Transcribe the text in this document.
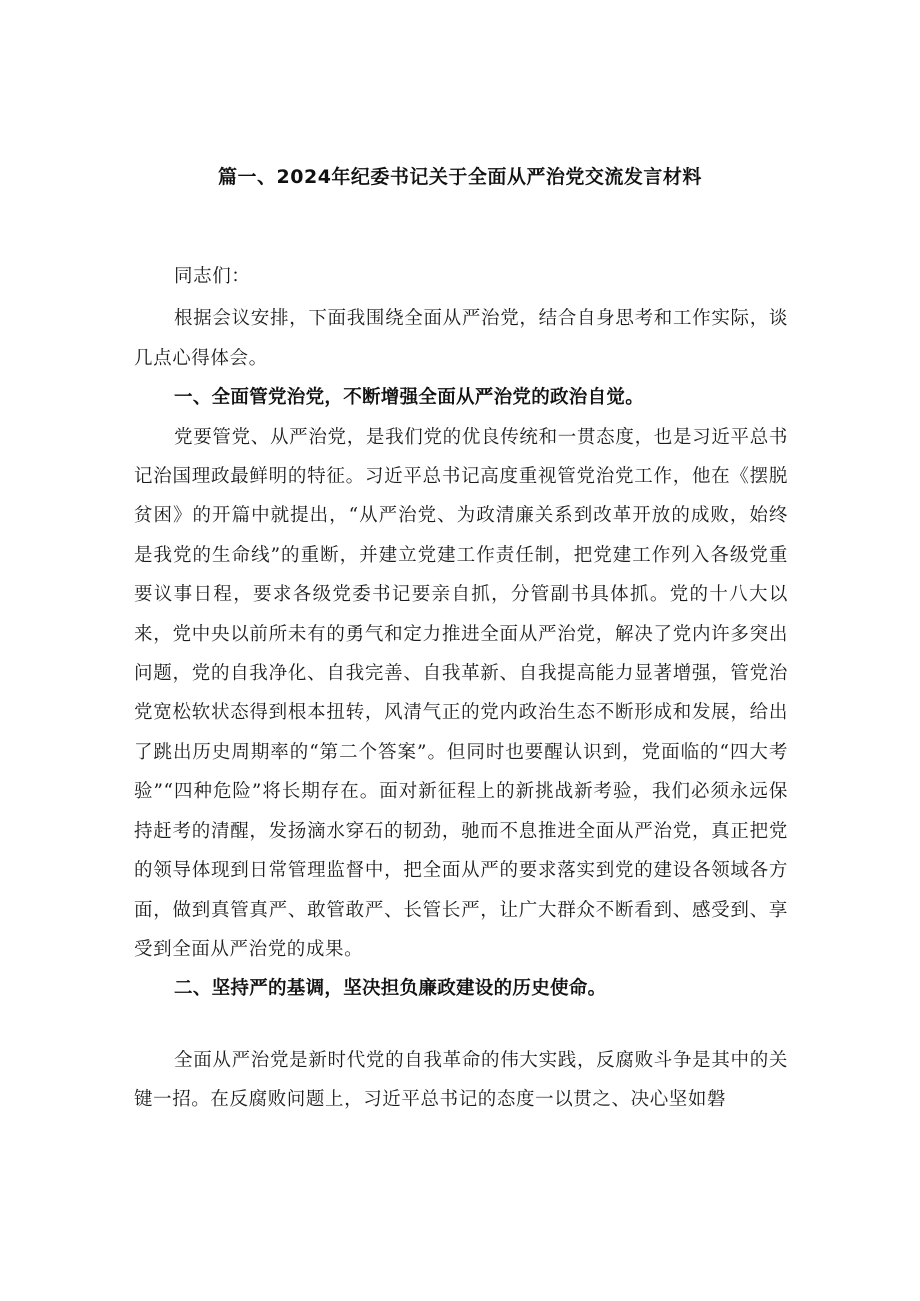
篇一、2024年纪委书记关于全面从严治党交流发言材料

同志们：

根据会议安排，下面我围绕全面从严治党，结合自身思考和工作实际，谈几点心得体会。

一、全面管党治党，不断增强全面从严治党的政治自觉。

党要管党、从严治党，是我们党的优良传统和一贯态度，也是习近平总书记治国理政最鲜明的特征。习近平总书记高度重视管党治党工作，他在《摆脱贫困》的开篇中就提出，“从严治党、为政清廉关系到改革开放的成败，始终是我党的生命线”的重断，并建立党建工作责任制，把党建工作列入各级党重要议事日程，要求各级党委书记要亲自抓，分管副书具体抓。党的十八大以来，党中央以前所未有的勇气和定力推进全面从严治党，解决了党内许多突出问题，党的自我净化、自我完善、自我革新、自我提高能力显著增强，管党治党宽松软状态得到根本扭转，风清气正的党内政治生态不断形成和发展，给出了跳出历史周期率的“第二个答案”。但同时也要醒认识到，党面临的“四大考验”“四种危险”将长期存在。面对新征程上的新挑战新考验，我们必须永远保持赶考的清醒，发扬滴水穿石的韧劲，驰而不息推进全面从严治党，真正把党的领导体现到日常管理监督中，把全面从严的要求落实到党的建设各领域各方面，做到真管真严、敢管敢严、长管长严，让广大群众不断看到、感受到、享受到全面从严治党的成果。

二、坚持严的基调，坚决担负廉政建设的历史使命。

全面从严治党是新时代党的自我革命的伟大实践，反腐败斗争是其中的关键一招。在反腐败问题上，习近平总书记的态度一以贯之、决心坚如磐
